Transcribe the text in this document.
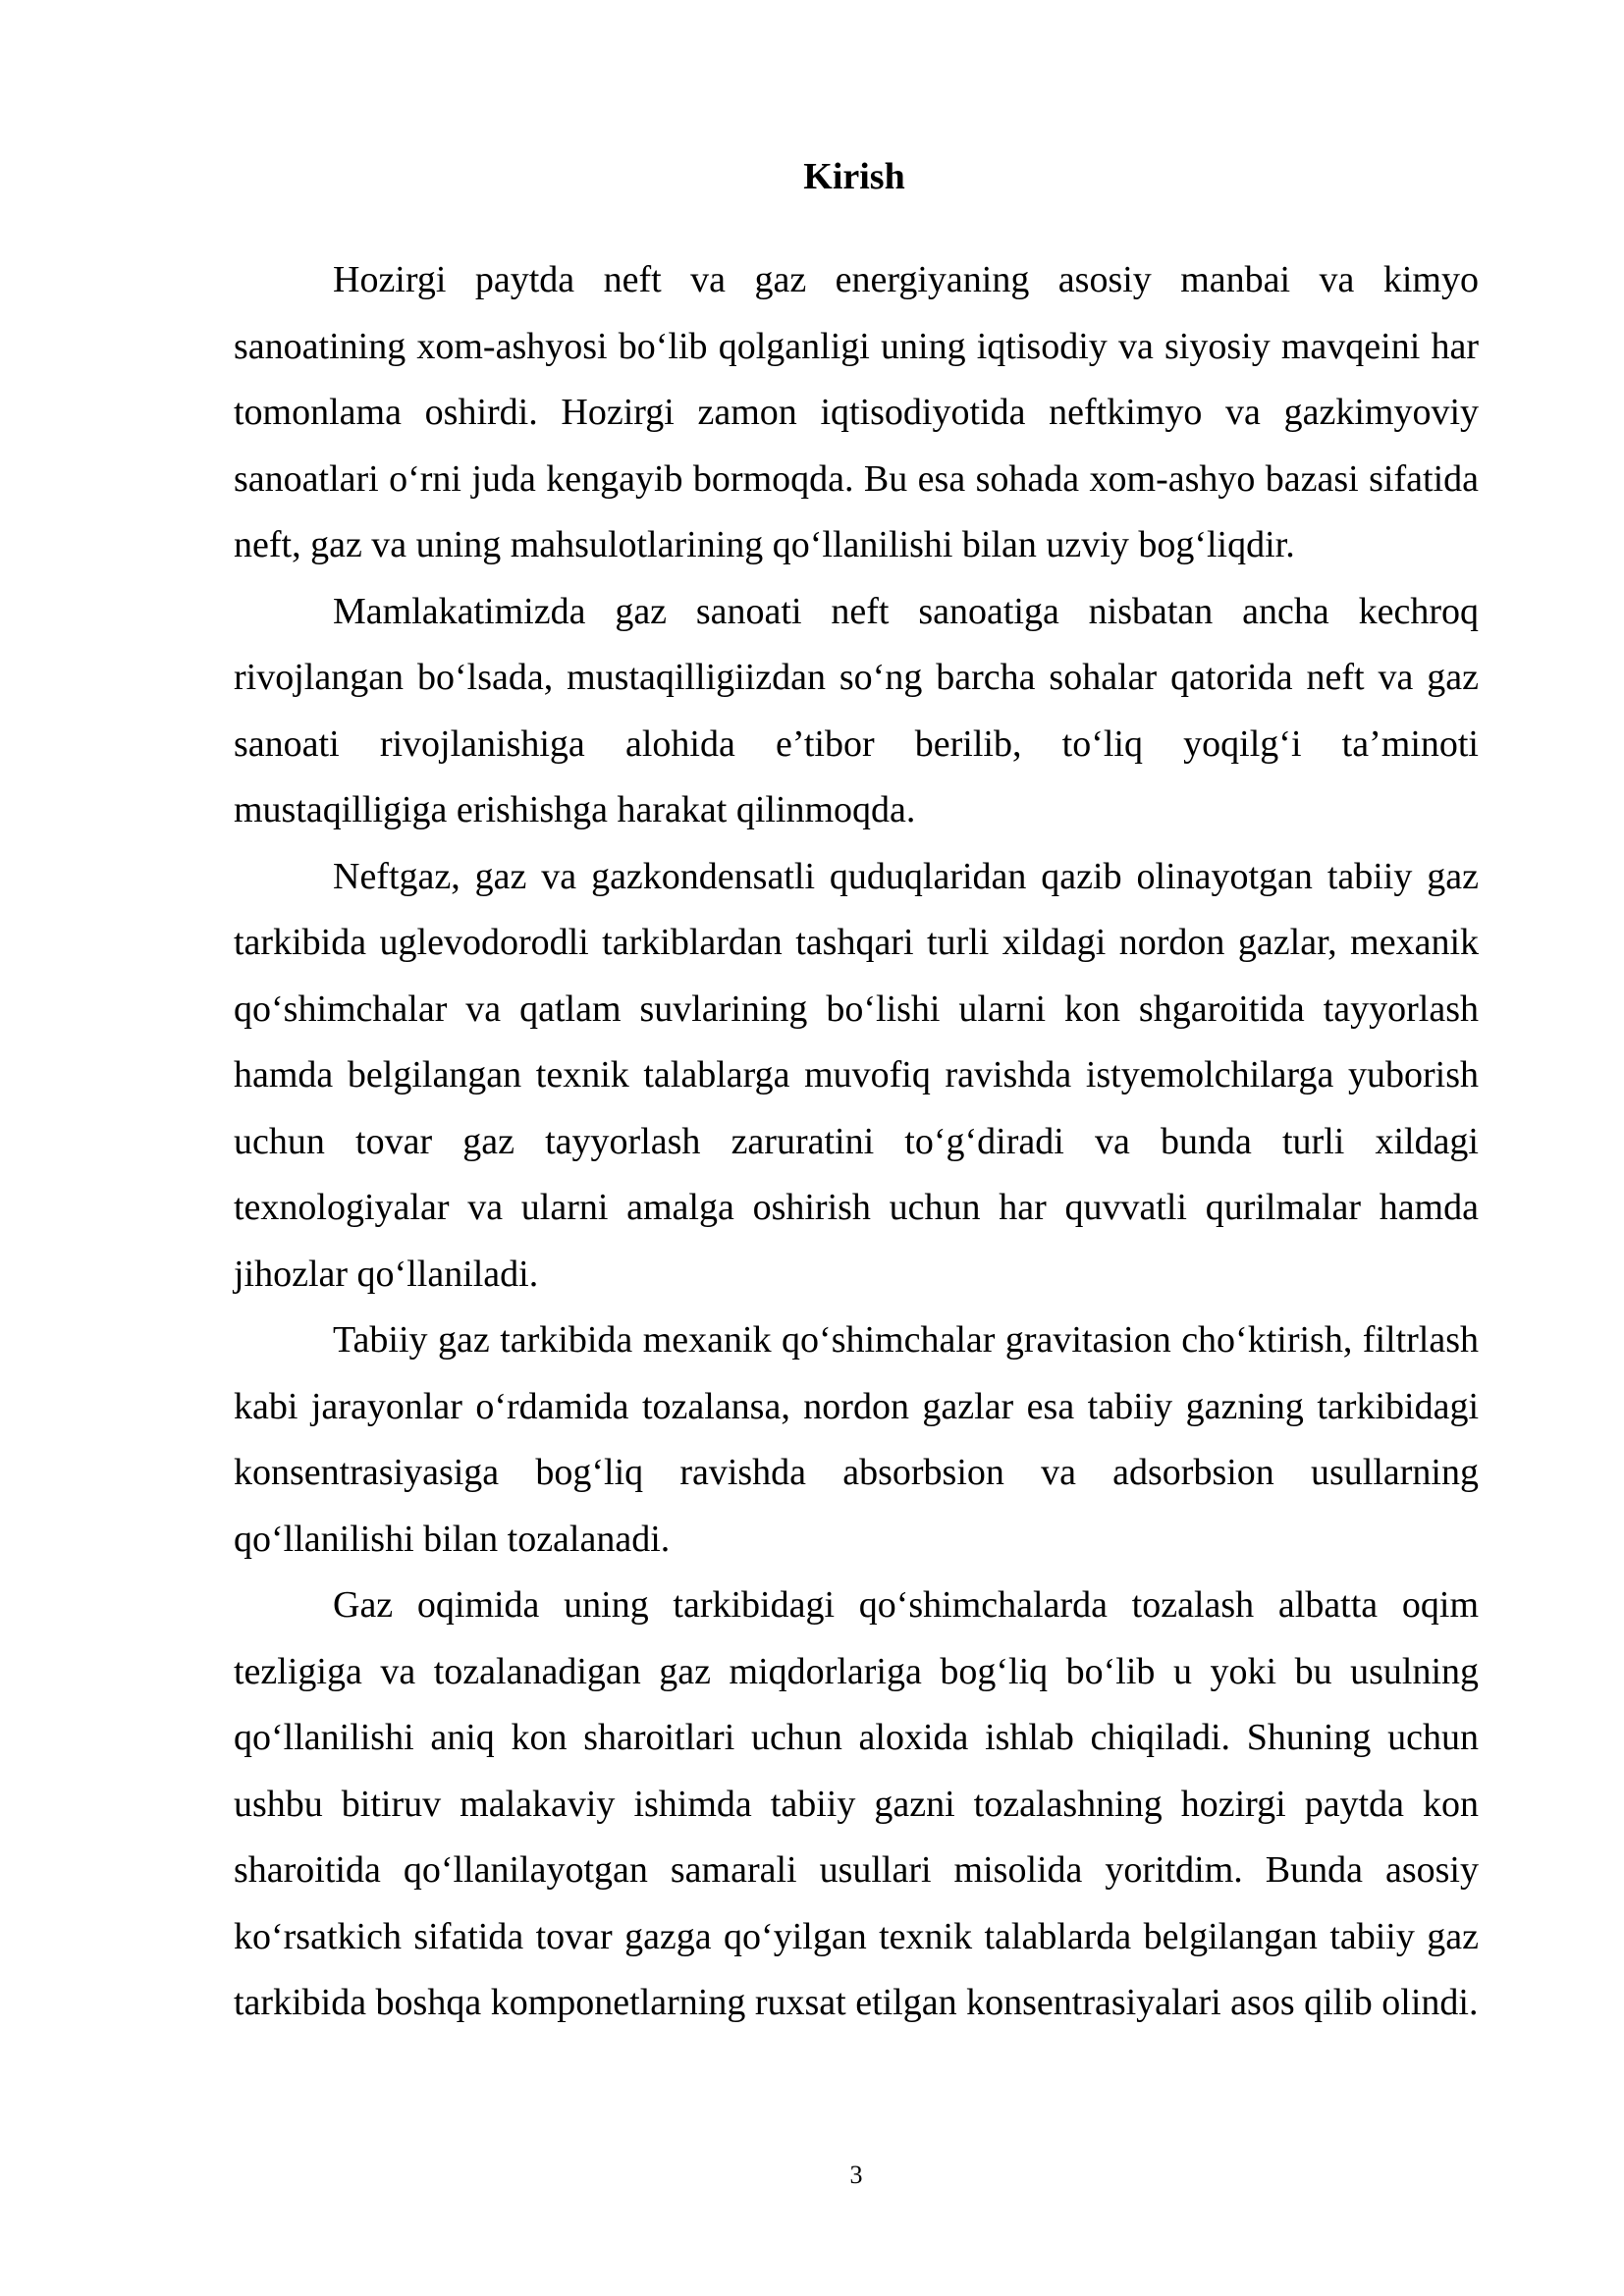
Kirish

Hozirgi paytda neft va gaz energiyaning asosiy manbai va kimyo sanoatining xom-ashyosi bo‘lib qolganligi uning iqtisodiy va siyosiy mavqeini har tomonlama oshirdi. Hozirgi zamon iqtisodiyotida neftkimyo va gazkimyoviy sanoatlari o‘rni juda kengayib bormoqda. Bu esa sohada xom-ashyo bazasi sifatida neft, gaz va uning mahsulotlarining qo‘llanilishi bilan uzviy bog‘liqdir.

Mamlakatimizda gaz sanoati neft sanoatiga nisbatan ancha kechroq rivojlangan bo‘lsada, mustaqilligiizdan so‘ng barcha sohalar qatorida neft va gaz sanoati rivojlanishiga alohida e’tibor berilib, to‘liq yoqilg‘i ta’minoti mustaqilligiga erishishga harakat qilinmoqda.

Neftgaz, gaz va gazkondensatli quduqlaridan qazib olinayotgan tabiiy gaz tarkibida uglevodorodli tarkiblardan tashqari turli xildagi nordon gazlar, mexanik qo‘shimchalar va qatlam suvlarining bo‘lishi ularni kon shgaroitida tayyorlash hamda belgilangan texnik talablarga muvofiq ravishda istyemolchilarga yuborish uchun tovar gaz tayyorlash zaruratini to‘g‘diradi va bunda turli xildagi texnologiyalar va ularni amalga oshirish uchun har quvvatli qurilmalar hamda jihozlar qo‘llaniladi.

Tabiiy gaz tarkibida mexanik qo‘shimchalar gravitasion cho‘ktirish, filtrlash kabi jarayonlar o‘rdamida tozalansa, nordon gazlar esa tabiiy gazning tarkibidagi konsentrasiyasiga bog‘liq ravishda absorbsion va adsorbsion usullarning qo‘llanilishi bilan tozalanadi.

Gaz oqimida uning tarkibidagi qo‘shimchalarda tozalash albatta oqim tezligiga va tozalanadigan gaz miqdorlariga bog‘liq bo‘lib u yoki bu usulning qo‘llanilishi aniq kon sharoitlari uchun aloxida ishlab chiqiladi. Shuning uchun ushbu bitiruv malakaviy ishimda tabiiy gazni tozalashning hozirgi paytda kon sharoitida qo‘llanilayotgan samarali usullari misolida yoritdim. Bunda asosiy ko‘rsatkich sifatida tovar gazga qo‘yilgan texnik talablarda belgilangan tabiiy gaz tarkibida boshqa komponetlarning ruxsat etilgan konsentrasiyalari asos qilib olindi.

3
